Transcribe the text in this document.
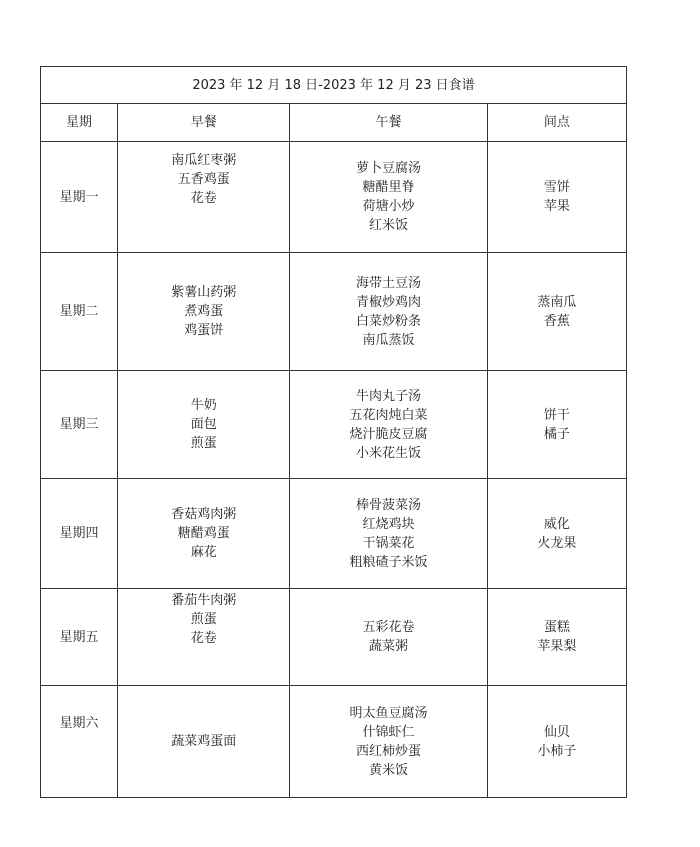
2023 年 12 月 18 日-2023 年 12 月 23 日食谱			
星期	早餐	午餐	间点
星期一	南瓜红枣粥
五香鸡蛋
花卷	萝卜豆腐汤
糖醋里脊
荷塘小炒
红米饭	雪饼
苹果

星期二	紫薯山药粥
煮鸡蛋
鸡蛋饼	海带土豆汤
青椒炒鸡肉
白菜炒粉条
南瓜蒸饭	蒸南瓜
香蕉

星期三	牛奶
面包
煎蛋	牛肉丸子汤
五花肉炖白菜
烧汁脆皮豆腐
小米花生饭	饼干
橘子

星期四	香菇鸡肉粥
糖醋鸡蛋
麻花	棒骨菠菜汤
红烧鸡块
干锅菜花
粗粮碴子米饭	威化
火龙果

星期五	番茄牛肉粥
煎蛋
花卷	五彩花卷
蔬菜粥	蛋糕
苹果梨

星期六	蔬菜鸡蛋面	明太鱼豆腐汤
什锦虾仁
西红柿炒蛋
黄米饭	仙贝
小柿子
